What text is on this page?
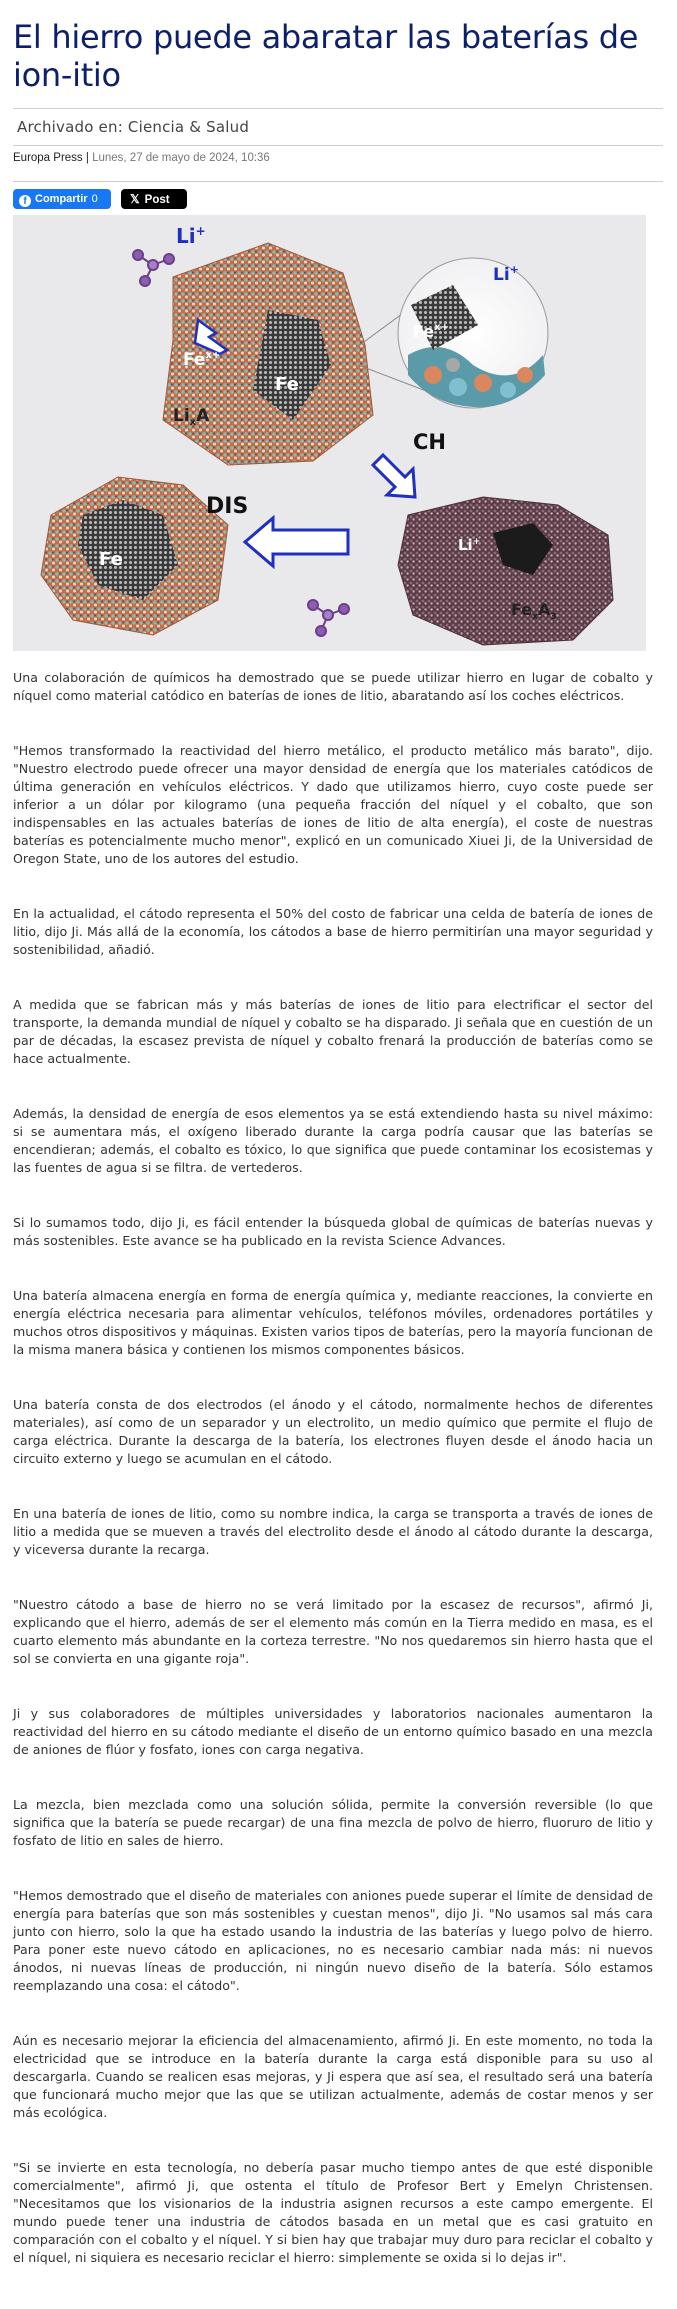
El hierro puede abaratar las baterías de ion-itio
Archivado en: Ciencia & Salud
Europa Press | Lunes, 27 de mayo de 2024, 10:36
f Compartir 0	𝕏 Post
Li+
Li+
$Fe^{x+}$
$Fe^{x+}$
Fe
$Li_xA$
CH
DIS
Fe
$Fe_xA_3$
Li+

Una colaboración de químicos ha demostrado que se puede utilizar hierro en lugar de cobalto y níquel como material catódico en baterías de iones de litio, abaratando así los coches eléctricos.

"Hemos transformado la reactividad del hierro metálico, el producto metálico más barato", dijo. "Nuestro electrodo puede ofrecer una mayor densidad de energía que los materiales catódicos de última generación en vehículos eléctricos. Y dado que utilizamos hierro, cuyo coste puede ser inferior a un dólar por kilogramo (una pequeña fracción del níquel y el cobalto, que son indispensables en las actuales baterías de iones de litio de alta energía), el coste de nuestras baterías es potencialmente mucho menor", explicó en un comunicado Xiuei Ji, de la Universidad de Oregon State, uno de los autores del estudio.

En la actualidad, el cátodo representa el 50% del costo de fabricar una celda de batería de iones de litio, dijo Ji. Más allá de la economía, los cátodos a base de hierro permitirían una mayor seguridad y sostenibilidad, añadió.

A medida que se fabrican más y más baterías de iones de litio para electrificar el sector del transporte, la demanda mundial de níquel y cobalto se ha disparado. Ji señala que en cuestión de un par de décadas, la escasez prevista de níquel y cobalto frenará la producción de baterías como se hace actualmente.

Además, la densidad de energía de esos elementos ya se está extendiendo hasta su nivel máximo: si se aumentara más, el oxígeno liberado durante la carga podría causar que las baterías se encendieran; además, el cobalto es tóxico, lo que significa que puede contaminar los ecosistemas y las fuentes de agua si se filtra. de vertederos.

Si lo sumamos todo, dijo Ji, es fácil entender la búsqueda global de químicas de baterías nuevas y más sostenibles. Este avance se ha publicado en la revista Science Advances.

Una batería almacena energía en forma de energía química y, mediante reacciones, la convierte en energía eléctrica necesaria para alimentar vehículos, teléfonos móviles, ordenadores portátiles y muchos otros dispositivos y máquinas. Existen varios tipos de baterías, pero la mayoría funcionan de la misma manera básica y contienen los mismos componentes básicos.

Una batería consta de dos electrodos (el ánodo y el cátodo, normalmente hechos de diferentes materiales), así como de un separador y un electrolito, un medio químico que permite el flujo de carga eléctrica. Durante la descarga de la batería, los electrones fluyen desde el ánodo hacia un circuito externo y luego se acumulan en el cátodo.

En una batería de iones de litio, como su nombre indica, la carga se transporta a través de iones de litio a medida que se mueven a través del electrolito desde el ánodo al cátodo durante la descarga, y viceversa durante la recarga.

"Nuestro cátodo a base de hierro no se verá limitado por la escasez de recursos", afirmó Ji, explicando que el hierro, además de ser el elemento más común en la Tierra medido en masa, es el cuarto elemento más abundante en la corteza terrestre. "No nos quedaremos sin hierro hasta que el sol se convierta en una gigante roja".

Ji y sus colaboradores de múltiples universidades y laboratorios nacionales aumentaron la reactividad del hierro en su cátodo mediante el diseño de un entorno químico basado en una mezcla de aniones de flúor y fosfato, iones con carga negativa.

La mezcla, bien mezclada como una solución sólida, permite la conversión reversible (lo que significa que la batería se puede recargar) de una fina mezcla de polvo de hierro, fluoruro de litio y fosfato de litio en sales de hierro.

"Hemos demostrado que el diseño de materiales con aniones puede superar el límite de densidad de energía para baterías que son más sostenibles y cuestan menos", dijo Ji. "No usamos sal más cara junto con hierro, solo la que ha estado usando la industria de las baterías y luego polvo de hierro. Para poner este nuevo cátodo en aplicaciones, no es necesario cambiar nada más: ni nuevos ánodos, ni nuevas líneas de producción, ni ningún nuevo diseño de la batería. Sólo estamos reemplazando una cosa: el cátodo".

Aún es necesario mejorar la eficiencia del almacenamiento, afirmó Ji. En este momento, no toda la electricidad que se introduce en la batería durante la carga está disponible para su uso al descargarla. Cuando se realicen esas mejoras, y Ji espera que así sea, el resultado será una batería que funcionará mucho mejor que las que se utilizan actualmente, además de costar menos y ser más ecológica.

"Si se invierte en esta tecnología, no debería pasar mucho tiempo antes de que esté disponible comercialmente", afirmó Ji, que ostenta el título de Profesor Bert y Emelyn Christensen. "Necesitamos que los visionarios de la industria asignen recursos a este campo emergente. El mundo puede tener una industria de cátodos basada en un metal que es casi gratuito en comparación con el cobalto y el níquel. Y si bien hay que trabajar muy duro para reciclar el cobalto y el níquel, ni siquiera es necesario reciclar el hierro: simplemente se oxida si lo dejas ir".
